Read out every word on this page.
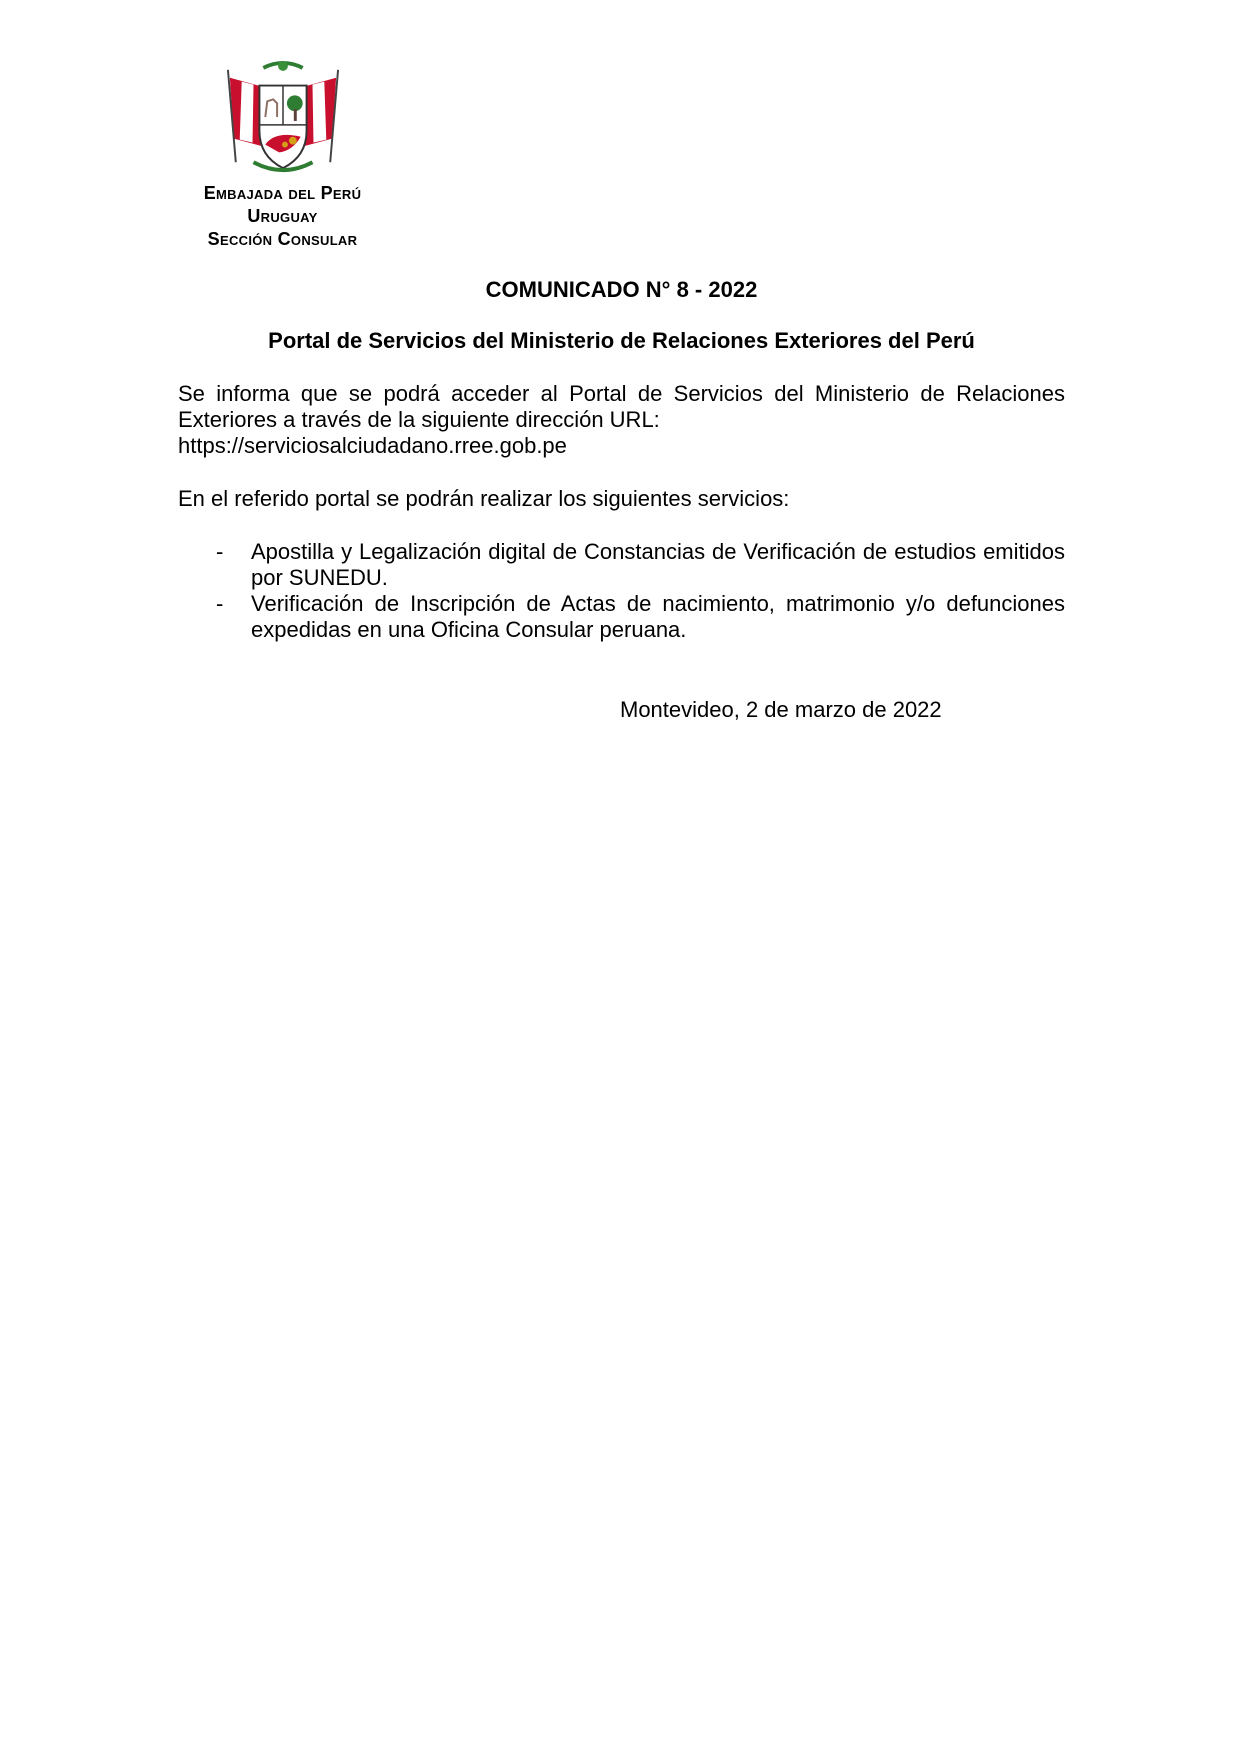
Embajada del Perú
Uruguay
Sección Consular
COMUNICADO N° 8 - 2022
Portal de Servicios del Ministerio de Relaciones Exteriores del Perú
Se informa que se podrá acceder al Portal de Servicios del Ministerio de Relaciones Exteriores a través de la siguiente dirección URL:
https://serviciosalciudadano.rree.gob.pe
En el referido portal se podrán realizar los siguientes servicios:
- Apostilla y Legalización digital de Constancias de Verificación de estudios emitidos por SUNEDU.
- Verificación de Inscripción de Actas de nacimiento, matrimonio y/o defunciones expedidas en una Oficina Consular peruana.
Montevideo, 2 de marzo de 2022
